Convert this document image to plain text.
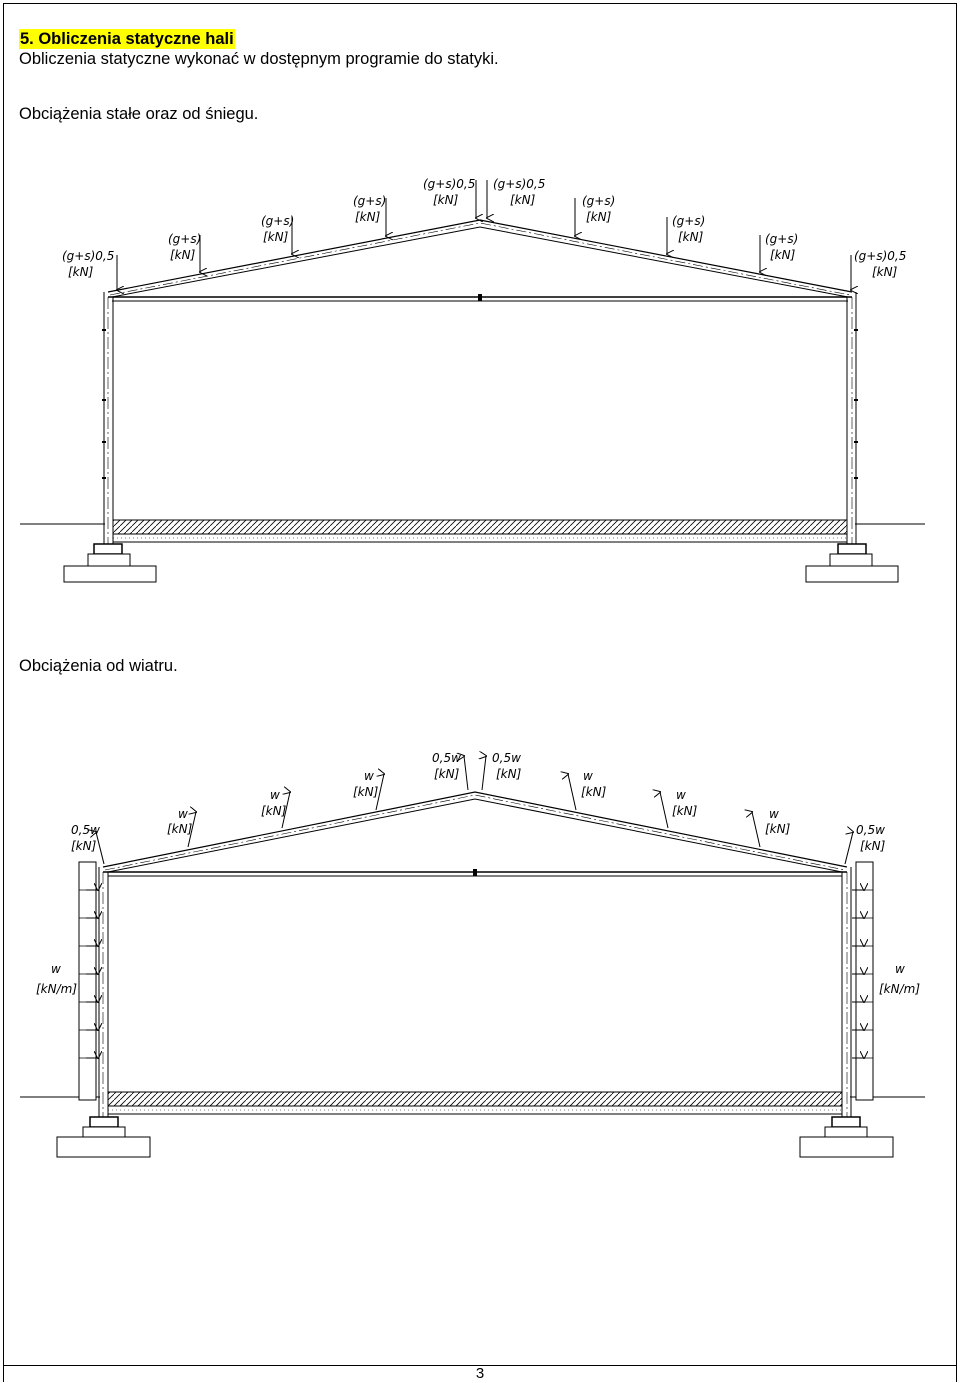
3
5. Obliczenia statyczne hali
Obliczenia statyczne wykonać w dostępnym programie do statyki.
Obciążenia stałe oraz od śniegu.
(g+s)0,5
[kN]
(g+s)
[kN]
(g+s)
[kN]
(g+s)
[kN]
(g+s)0,5
[kN]
(g+s)0,5
[kN]	(g+s)
[kN]	(g+s)
[kN]	(g+s)
[kN]	(g+s)0,5
[kN]
Obciążenia od wiatru.
0,5w
[kN]
w
[kN]
w
[kN]
w
[kN]
0,5w
[kN]
0,5w
[kN]	w
[kN]	w
[kN]	w
[kN]	0,5w
[kN]
w
[kN/m]
w
[kN/m]
